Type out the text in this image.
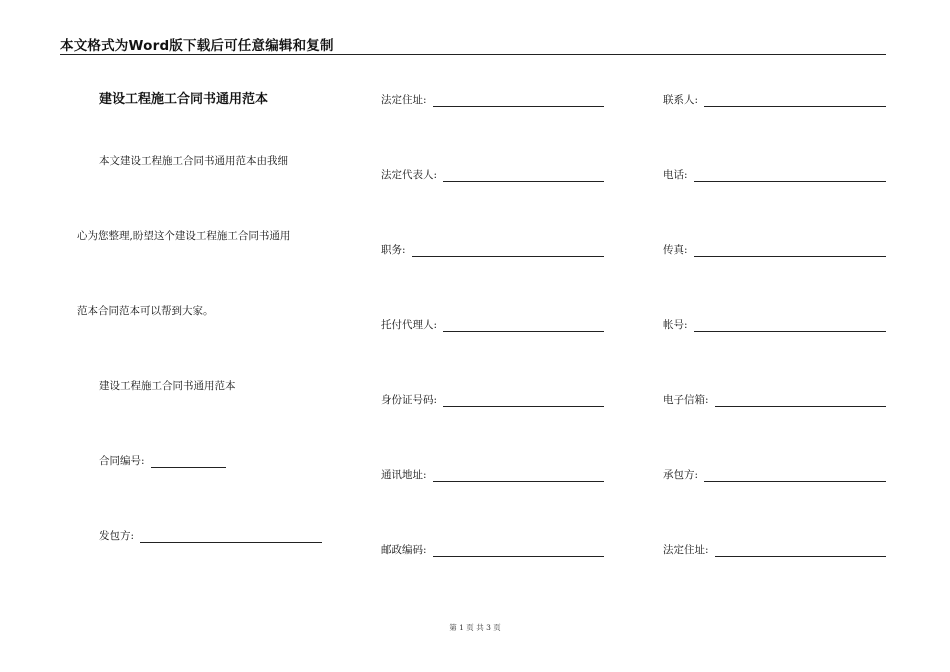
本文格式为Word版下载后可任意编辑和复制
建设工程施工合同书通用范本
本文建设工程施工合同书通用范本由我细
心为您整理,盼望这个建设工程施工合同书通用
范本合同范本可以帮到大家。
建设工程施工合同书通用范本
合同编号:
发包方:
法定住址:
法定代表人:
职务:
托付代理人:
身份证号码:
通讯地址:
邮政编码:
联系人:
电话:
传真:
帐号:
电子信箱:
承包方:
法定住址:
第 1 页 共 3 页
